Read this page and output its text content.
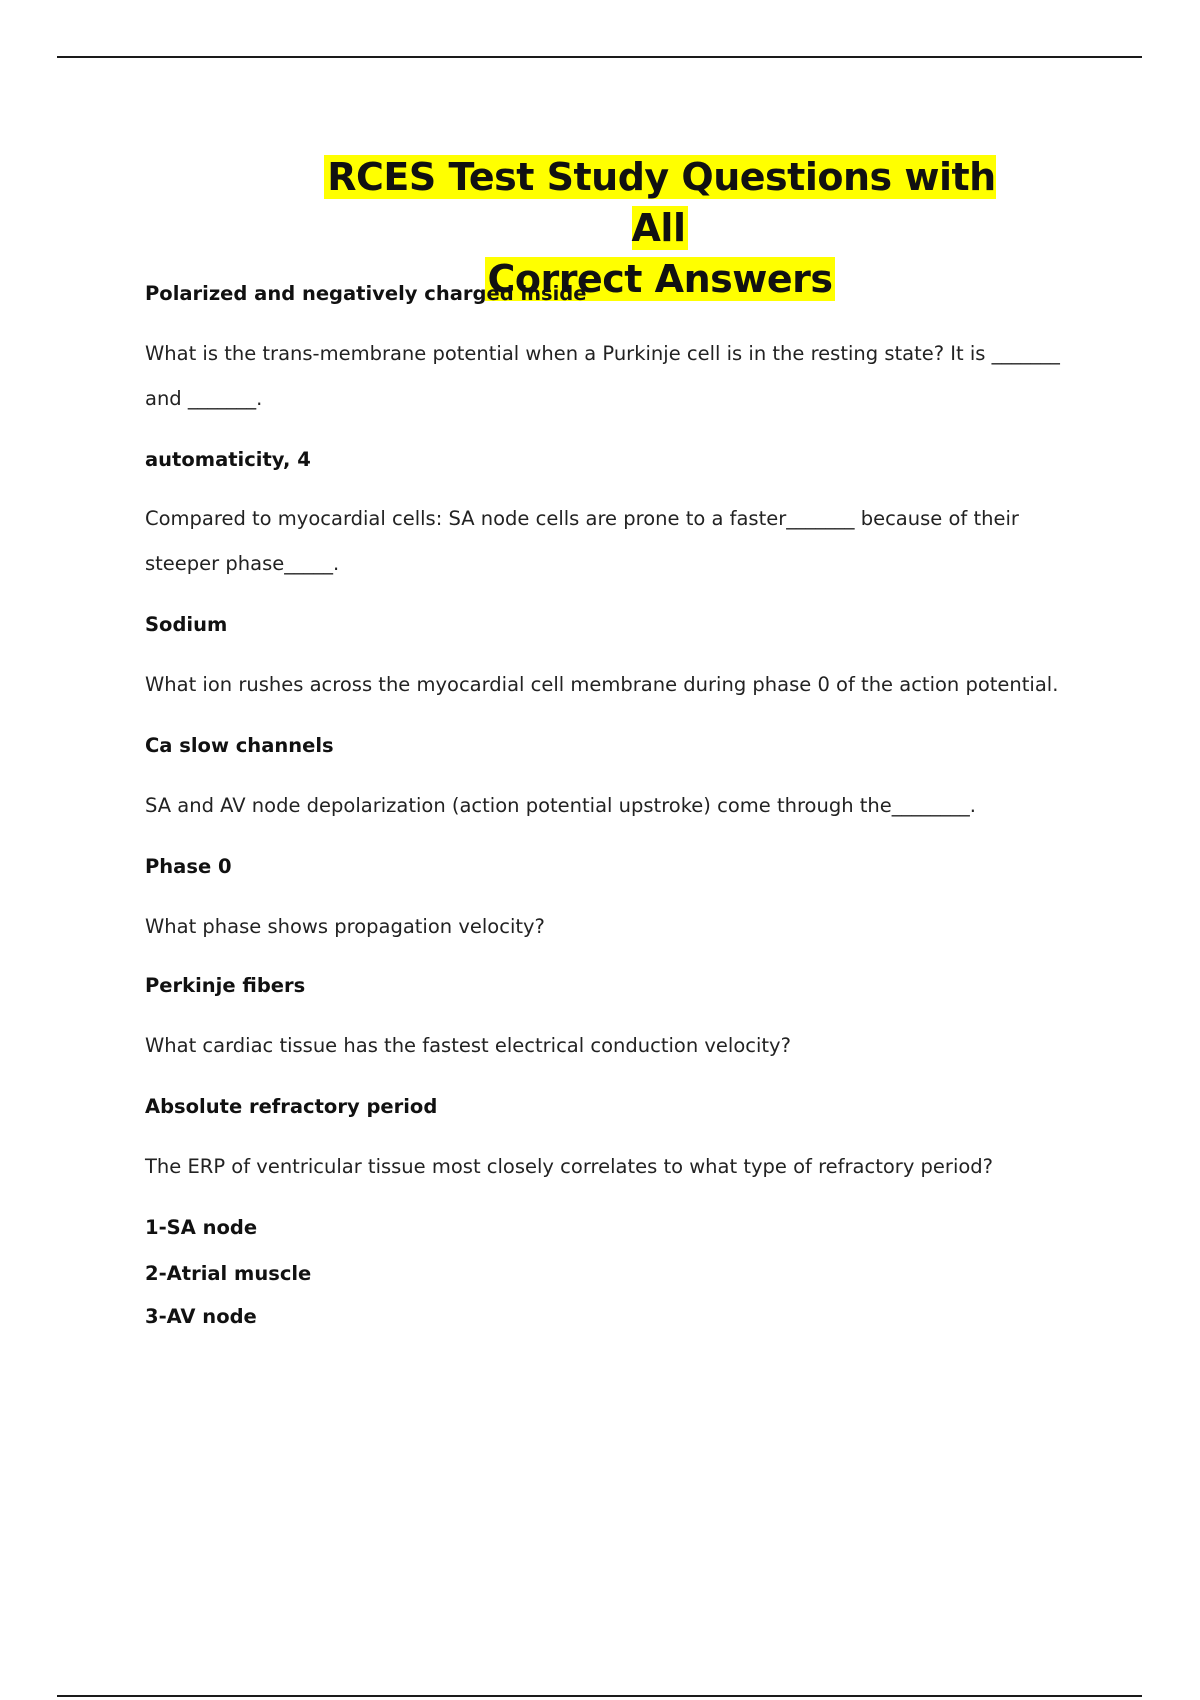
RCES Test Study Questions with All
Correct Answers
Polarized and negatively charged inside
What is the trans-membrane potential when a Purkinje cell is in the resting state? It is _______ and _______.
automaticity, 4
Compared to myocardial cells: SA node cells are prone to a faster_______ because of their steeper phase_____.
Sodium
What ion rushes across the myocardial cell membrane during phase 0 of the action potential.
Ca slow channels
SA and AV node depolarization (action potential upstroke) come through the________.
Phase 0
What phase shows propagation velocity?
Perkinje fibers
What cardiac tissue has the fastest electrical conduction velocity?
Absolute refractory period
The ERP of ventricular tissue most closely correlates to what type of refractory period?
1-SA node
2-Atrial muscle
3-AV node
